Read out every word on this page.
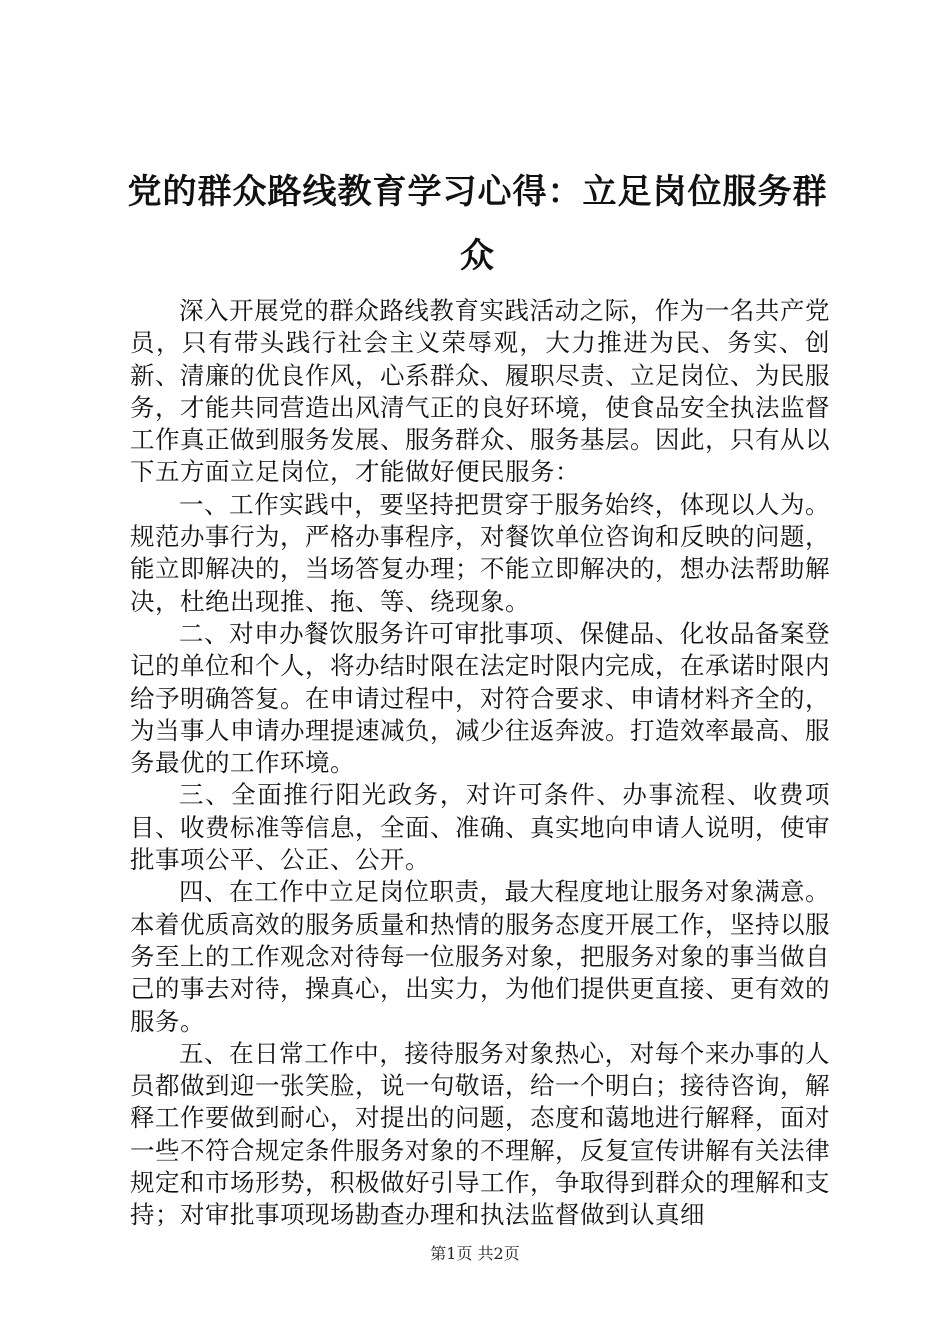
党的群众路线教育学习心得：立足岗位服务群众

深入开展党的群众路线教育实践活动之际，作为一名共产党员，只有带头践行社会主义荣辱观，大力推进为民、务实、创新、清廉的优良作风，心系群众、履职尽责、立足岗位、为民服务，才能共同营造出风清气正的良好环境，使食品安全执法监督工作真正做到服务发展、服务群众、服务基层。因此，只有从以下五方面立足岗位，才能做好便民服务：

一、工作实践中，要坚持把贯穿于服务始终，体现以人为。规范办事行为，严格办事程序，对餐饮单位咨询和反映的问题，能立即解决的，当场答复办理；不能立即解决的，想办法帮助解决，杜绝出现推、拖、等、绕现象。

二、对申办餐饮服务许可审批事项、保健品、化妆品备案登记的单位和个人，将办结时限在法定时限内完成，在承诺时限内给予明确答复。在申请过程中，对符合要求、申请材料齐全的，为当事人申请办理提速减负，减少往返奔波。打造效率最高、服务最优的工作环境。

三、全面推行阳光政务，对许可条件、办事流程、收费项目、收费标准等信息，全面、准确、真实地向申请人说明，使审批事项公平、公正、公开。

四、在工作中立足岗位职责，最大程度地让服务对象满意。本着优质高效的服务质量和热情的服务态度开展工作，坚持以服务至上的工作观念对待每一位服务对象，把服务对象的事当做自己的事去对待，操真心，出实力，为他们提供更直接、更有效的服务。

五、在日常工作中，接待服务对象热心，对每个来办事的人员都做到迎一张笑脸，说一句敬语，给一个明白；接待咨询，解释工作要做到耐心，对提出的问题，态度和蔼地进行解释，面对一些不符合规定条件服务对象的不理解，反复宣传讲解有关法律规定和市场形势，积极做好引导工作，争取得到群众的理解和支持；对审批事项现场勘查办理和执法监督做到认真细

第1页 共2页
